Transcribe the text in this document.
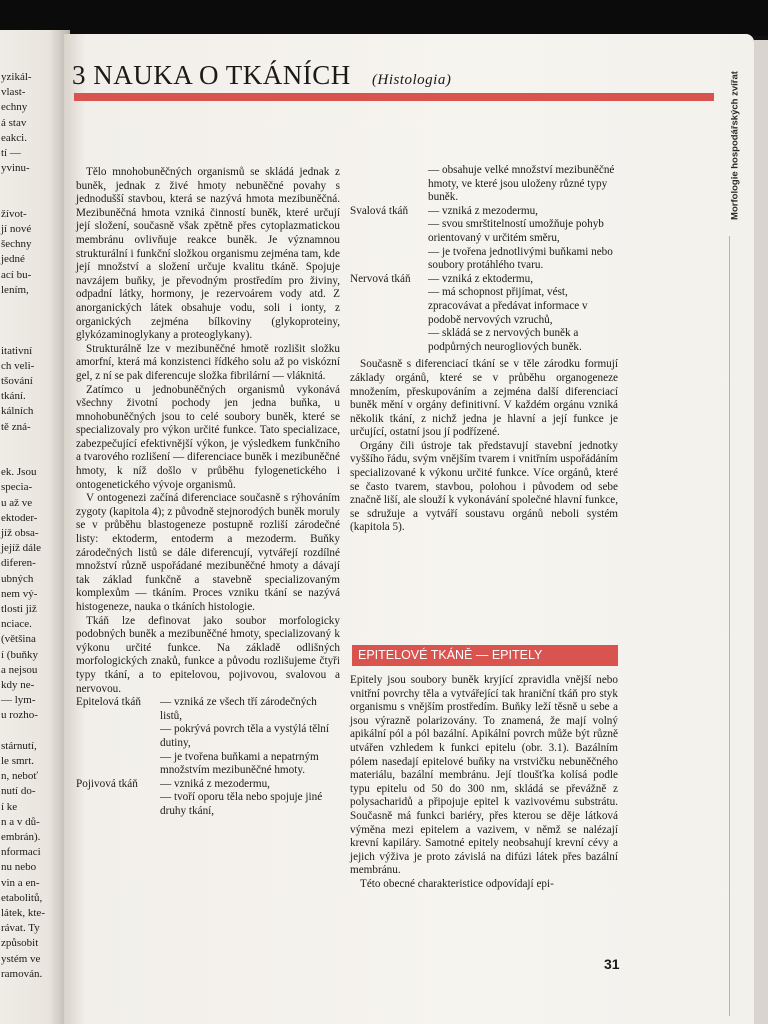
yzikál-
vlast-
echny
á stav
eakci.
tí —
yvinu-
žívot-
jí nové
šechny
jedné
ací bu-
lením,
itativní
ch veli-
tšování
tkání.
kálních
tě zná-
ek. Jsou
specia-
u až ve
ektoder-
jíž obsa-
jejíž dále
diferen-
ubných
nem vý-
tlosti již
nciace.
(většina
í (buňky
a nejsou
kdy ne-
— lym-
u rozho-
stárnutí,
le smrt.
n, neboť
nutí do-
í ke
n a v dů-
embrán).
nformaci
nu nebo
vin a en-
etabolitů,
látek, kte-
rávat. Ty
způsobit
ystém ve
ramován.
3 NAUKA O TKÁNÍCH (Histologia)	Morfologie hospodářských zvířat

Tělo mnohobuněčných organismů se skládá jednak z buněk, jednak z živé hmoty nebuněčné povahy s jednodušší stavbou, která se nazývá hmota mezibuněčná. Mezibuněčná hmota vzniká činností buněk, které určují její složení, současně však zpětně přes cytoplazmatickou membránu ovlivňuje reakce buněk. Je významnou strukturální i funkční složkou organismu zejména tam, kde její množství a složení určuje kvalitu tkáně. Spojuje navzájem buňky, je převodným prostředím pro živiny, odpadní látky, hormony, je rezervoárem vody atd. Z anorganických látek obsahuje vodu, soli i ionty, z organických zejména bílkoviny (glykoproteiny, glykózaminoglykany a proteoglykany).

Strukturálně lze v mezibuněčné hmotě rozlišit složku amorfní, která má konzistenci řídkého solu až po viskózní gel, z ní se pak diferencuje složka fibrilární — vláknitá.

Zatímco u jednobuněčných organismů vykonává všechny životní pochody jen jedna buňka, u mnohobuněčných jsou to celé soubory buněk, které se specializovaly pro výkon určité funkce. Tato specializace, zabezpečující efektivnější výkon, je výsledkem funkčního a tvarového rozlišení — diferenciace buněk i mezibuněčné hmoty, k níž došlo v průběhu fylogenetického i ontogenetického vývoje organismů.

V ontogenezi začíná diferenciace současně s rýhováním zygoty (kapitola 4); z původně stejnorodých buněk moruly se v průběhu blastogeneze postupně rozliší zárodečné listy: ektoderm, entoderm a mezoderm. Buňky zárodečných listů se dále diferencují, vytvářejí rozdílné množství různě uspořádané mezibuněčné hmoty a dávají tak základ funkčně a stavebně specializovaným komplexům — tkáním. Proces vzniku tkání se nazývá histogeneze, nauka o tkáních histologie.

Tkáň lze definovat jako soubor morfologicky podobných buněk a mezibuněčné hmoty, specializovaný k výkonu určité funkce. Na základě odlišných morfologických znaků, funkce a původu rozlišujeme čtyři typy tkání, a to epitelovou, pojivovou, svalovou a nervovou.

Epitelová tkáň — vzniká ze všech tří zárodečných listů,
— pokrývá povrch těla a vystýlá tělní dutiny,
— je tvořena buňkami a nepatrným množstvím mezibuněčné hmoty.
Pojivová tkáň — vzniká z mezodermu,
— tvoří oporu těla nebo spojuje jiné druhy tkání,
— obsahuje velké množství mezibuněčné hmoty, ve které jsou uloženy různé typy buněk.
Svalová tkáň — vzniká z mezodermu,
— svou smrštitelností umožňuje pohyb orientovaný v určitém směru,
— je tvořena jednotlivými buňkami nebo soubory protáhlého tvaru.
Nervová tkáň — vzniká z ektodermu,
— má schopnost přijímat, vést, zpracovávat a předávat informace v podobě nervových vzruchů,
— skládá se z nervových buněk a podpůrných neurogliových buněk.

Současně s diferenciací tkání se v těle zárodku formují základy orgánů, které se v průběhu organogeneze množením, přeskupováním a zejména další diferenciací buněk mění v orgány definitivní. V každém orgánu vzniká několik tkání, z nichž jedna je hlavní a její funkce je určující, ostatní jsou jí podřízené.

Orgány čili ústroje tak představují stavební jednotky vyššího řádu, svým vnějším tvarem i vnitřním uspořádáním specializované k výkonu určité funkce. Více orgánů, které se často tvarem, stavbou, polohou i původem od sebe značně liší, ale slouží k vykonávání společné hlavní funkce, se sdružuje a vytváří soustavu orgánů neboli systém (kapitola 5).

EPITELOVÉ TKÁNĚ — EPITELY

Epitely jsou soubory buněk kryjící zpravidla vnější nebo vnitřní povrchy těla a vytvářející tak hraniční tkáň pro styk organismu s vnějším prostředím. Buňky leží těsně u sebe a jsou výrazně polarizovány. To znamená, že mají volný apikální pól a pól bazální. Apikální povrch může být různě utvářen vzhledem k funkci epitelu (obr. 3.1). Bazálním pólem nasedají epitelové buňky na vrstvičku nebuněčného materiálu, bazální membránu. Její tloušťka kolísá podle typu epitelu od 50 do 300 nm, skládá se převážně z polysacharidů a připojuje epitel k vazivovému substrátu. Současně má funkci bariéry, přes kterou se děje látková výměna mezi epitelem a vazivem, v němž se nalézají krevní kapiláry. Samotné epitely neobsahují krevní cévy a jejich výživa je proto závislá na difúzi látek přes bazální membránu.

Této obecné charakteristice odpovídají epi-

31
